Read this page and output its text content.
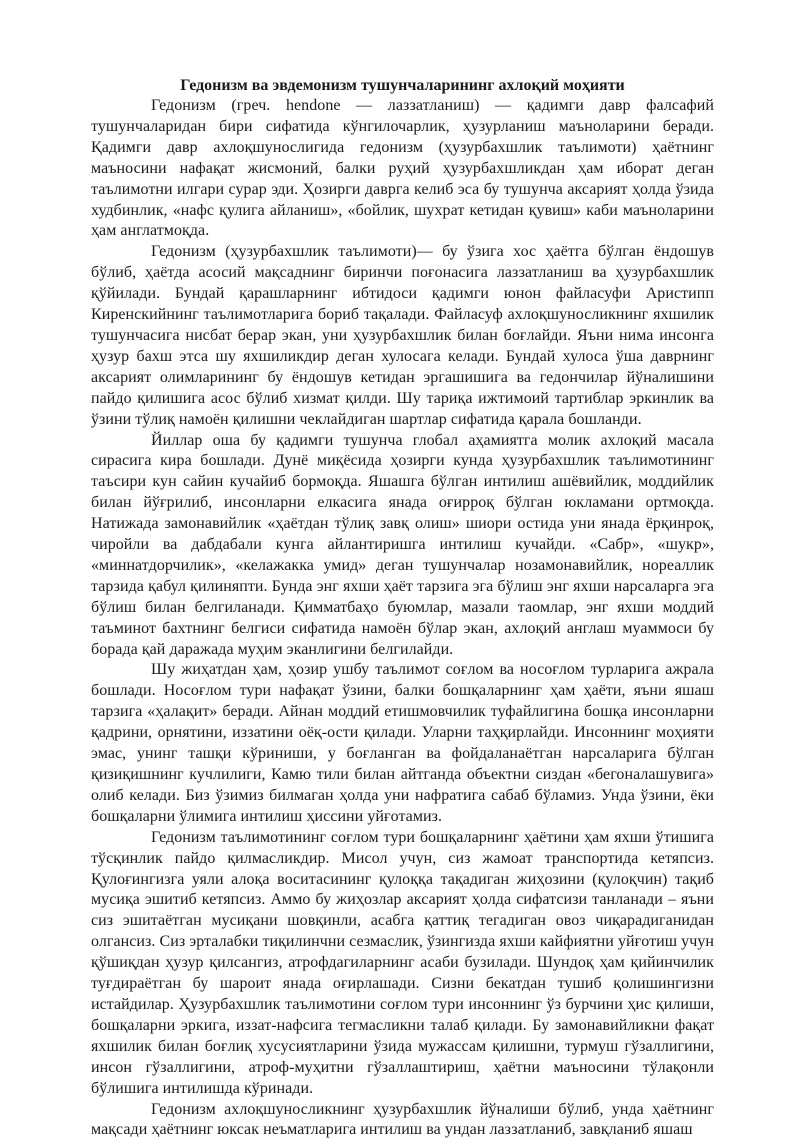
Гедонизм ва эвдемонизм тушунчаларининг ахлоқий моҳияти

Гедонизм (греч. hendone — лаззатланиш) — қадимги давр фалсафий тушунчаларидан бири сифатида кўнгилочарлик, ҳузурланиш маъноларини беради. Қадимги давр ахлоқшунослигида гедонизм (ҳузурбахшлик таълимоти) ҳаётнинг маъносини нафақат жисмоний, балки руҳий ҳузурбахшликдан ҳам иборат деган таълимотни илгари сурар эди. Ҳозирги даврга келиб эса бу тушунча аксарият ҳолда ўзида худбинлик, «нафс қулига айланиш», «бойлик, шухрат кетидан қувиш» каби маъноларини ҳам англатмоқда.

Гедонизм (ҳузурбахшлик таълимоти)— бу ўзига хос ҳаётга бўлган ёндошув бўлиб, ҳаётда асосий мақсаднинг биринчи поғонасига лаззатланиш ва ҳузурбахшлик қўйилади. Бундай қарашларнинг ибтидоси қадимги юнон файласуфи Аристипп Киренскийнинг таълимотларига бориб тақалади. Файласуф ахлоқшуносликнинг яхшилик тушунчасига нисбат берар экан, уни ҳузурбахшлик билан боғлайди. Яъни нима инсонга ҳузур бахш этса шу яхшиликдир деган хулосага келади. Бундай хулоса ўша даврнинг аксарият олимларининг бу ёндошув кетидан эргашишига ва гедончилар йўналишини пайдо қилишига асос бўлиб хизмат қилди. Шу тариқа ижтимоий тартиблар эркинлик ва ўзини тўлиқ намоён қилишни чеклайдиган шартлар сифатида қарала бошланди.

Йиллар оша бу қадимги тушунча глобал аҳамиятга молик ахлоқий масала сирасига кира бошлади. Дунё миқёсида ҳозирги кунда ҳузурбахшлик таълимотининг таъсири кун сайин кучайиб бормоқда. Яшашга бўлган интилиш ашёвийлик, моддийлик билан йўғрилиб, инсонларни елкасига янада оғирроқ бўлган юкламани ортмоқда. Натижада замонавийлик «ҳаётдан тўлиқ завқ олиш» шиори остида уни янада ёрқинроқ, чиройли ва дабдабали кунга айлантиришга интилиш кучайди. «Сабр», «шукр», «миннатдорчилик», «келажакка умид» деган тушунчалар нозамонавийлик, нореаллик тарзида қабул қилиняпти. Бунда энг яхши ҳаёт тарзига эга бўлиш энг яхши нарсаларга эга бўлиш билан белгиланади. Қимматбаҳо буюмлар, мазали таомлар, энг яхши моддий таъминот бахтнинг белгиси сифатида намоён бўлар экан, ахлоқий англаш муаммоси бу борада қай даражада муҳим эканлигини белгилайди.

Шу жиҳатдан ҳам, ҳозир ушбу таълимот соғлом ва носоғлом турларига ажрала бошлади. Носоғлом тури нафақат ўзини, балки бошқаларнинг ҳам ҳаёти, яъни яшаш тарзига «ҳалақит» беради. Айнан моддий етишмовчилик туфайлигина бошқа инсонларни қадрини, орнятини, иззатини оёқ-ости қилади. Уларни таҳқирлайди. Инсоннинг моҳияти эмас, унинг ташқи кўриниши, у боғланган ва фойдаланаётган нарсаларига бўлган қизиқишнинг кучлилиги, Камю тили билан айтганда объектни сиздан «бегоналашувига» олиб келади. Биз ўзимиз билмаган ҳолда уни нафратига сабаб бўламиз. Унда ўзини, ёки бошқаларни ўлимига интилиш ҳиссини уйғотамиз.

Гедонизм таълимотининг соғлом тури бошқаларнинг ҳаётини ҳам яхши ўтишига тўсқинлик пайдо қилмасликдир. Мисол учун, сиз жамоат транспортида кетяпсиз. Қулоғингизга уяли алоқа воситасининг қулоққа тақадиган жиҳозини (қулоқчин) тақиб мусиқа эшитиб кетяпсиз. Аммо бу жиҳозлар аксарият ҳолда сифатсизи танланади – яъни сиз эшитаётган мусиқани шовқинли, асабга қаттиқ тегадиган овоз чиқарадиганидан олгансиз. Сиз эрталабки тиқилинчни сезмаслик, ўзингизда яхши кайфиятни уйғотиш учун қўшиқдан ҳузур қилсангиз, атрофдагиларнинг асаби бузилади. Шундоқ ҳам қийинчилик туғдираётган бу шароит янада оғирлашади. Сизни бекатдан тушиб қолишингизни истайдилар. Ҳузурбахшлик таълимотини соғлом тури инсоннинг ўз бурчини ҳис қилиши, бошқаларни эркига, иззат-нафсига тегмасликни талаб қилади. Бу замонавийликни фақат яхшилик билан боғлиқ хусусиятларини ўзида мужассам қилишни, турмуш гўзаллигини, инсон гўзаллигини, атроф-муҳитни гўзаллаштириш, ҳаётни маъносини тўлақонли бўлишига интилишда кўринади.

Гедонизм ахлоқшуносликнинг ҳузурбахшлик йўналиши бўлиб, унда ҳаётнинг мақсади ҳаётнинг юксак неъматларига интилиш ва ундан лаззатланиб, завқланиб яшаш
